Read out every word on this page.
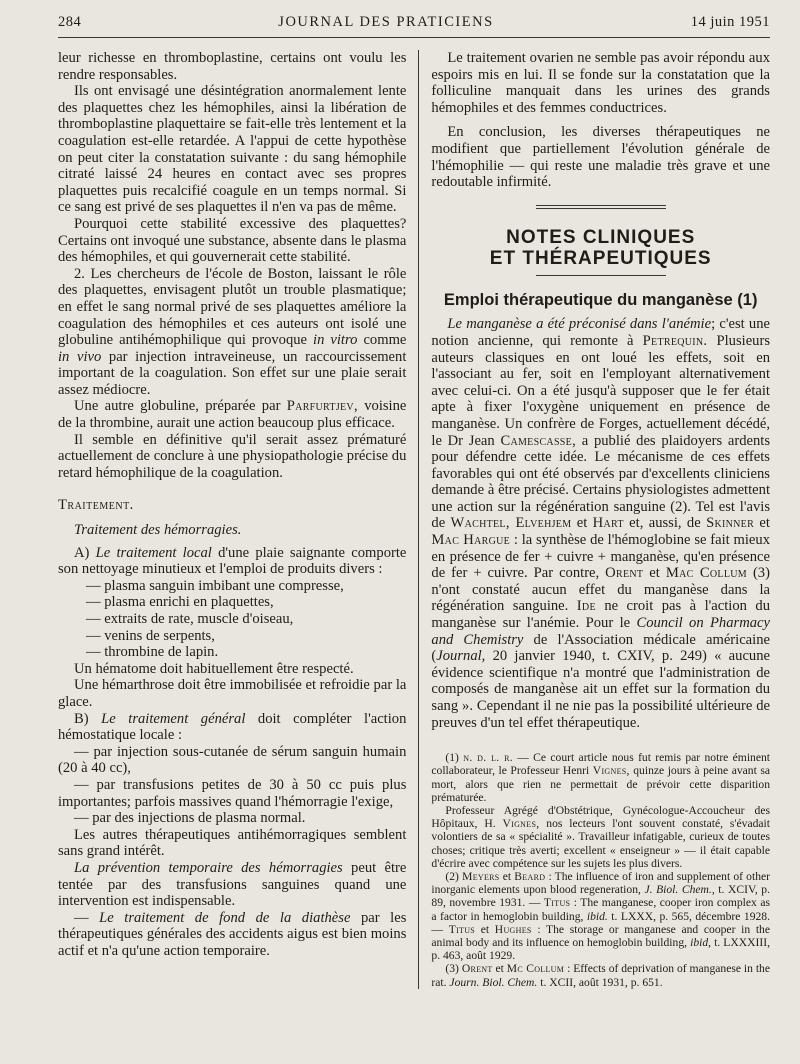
284	JOURNAL DES PRATICIENS	14 juin 1951

leur richesse en thromboplastine, certains ont voulu les rendre responsables.

Ils ont envisagé une désintégration anormalement lente des plaquettes chez les hémophiles, ainsi la libération de thromboplastine plaquettaire se fait-elle très lentement et la coagulation est-elle retardée. A l'appui de cette hypothèse on peut citer la constatation suivante : du sang hémophile citraté laissé 24 heures en contact avec ses propres plaquettes puis recalcifié coagule en un temps normal. Si ce sang est privé de ses plaquettes il n'en va pas de même.

Pourquoi cette stabilité excessive des plaquettes? Certains ont invoqué une substance, absente dans le plasma des hémophiles, et qui gouvernerait cette stabilité.

2. Les chercheurs de l'école de Boston, laissant le rôle des plaquettes, envisagent plutôt un trouble plasmatique; en effet le sang normal privé de ses plaquettes améliore la coagulation des hémophiles et ces auteurs ont isolé une globuline antihémophilique qui provoque in vitro comme in vivo par injection intraveineuse, un raccourcissement important de la coagulation. Son effet sur une plaie serait assez médiocre.

Une autre globuline, préparée par Parfurtjev, voisine de la thrombine, aurait une action beaucoup plus efficace.

Il semble en définitive qu'il serait assez prématuré actuellement de conclure à une physiopathologie précise du retard hémophilique de la coagulation.

Traitement.

Traitement des hémorragies.

A) Le traitement local d'une plaie saignante comporte son nettoyage minutieux et l'emploi de produits divers :

— plasma sanguin imbibant une compresse,
— plasma enrichi en plaquettes,
— extraits de rate, muscle d'oiseau,
— venins de serpents,
— thrombine de lapin.

Un hématome doit habituellement être respecté.

Une hémarthrose doit être immobilisée et refroidie par la glace.

B) Le traitement général doit compléter l'action hémostatique locale :

— par injection sous-cutanée de sérum sanguin humain (20 à 40 cc),

— par transfusions petites de 30 à 50 cc puis plus importantes; parfois massives quand l'hémorragie l'exige,

— par des injections de plasma normal.

Les autres thérapeutiques antihémorragiques semblent sans grand intérêt.

La prévention temporaire des hémorragies peut être tentée par des transfusions sanguines quand une intervention est indispensable.

— Le traitement de fond de la diathèse par les thérapeutiques générales des accidents aigus est bien moins actif et n'a qu'une action temporaire.

Le traitement ovarien ne semble pas avoir répondu aux espoirs mis en lui. Il se fonde sur la constatation que la folliculine manquait dans les urines des grands hémophiles et des femmes conductrices.

En conclusion, les diverses thérapeutiques ne modifient que partiellement l'évolution générale de l'hémophilie — qui reste une maladie très grave et une redoutable infirmité.

NOTES CLINIQUES
ET THÉRAPEUTIQUES
Emploi thérapeutique du manganèse (1)

Le manganèse a été préconisé dans l'anémie; c'est une notion ancienne, qui remonte à Petrequin. Plusieurs auteurs classiques en ont loué les effets, soit en l'associant au fer, soit en l'employant alternativement avec celui-ci. On a été jusqu'à supposer que le fer était apte à fixer l'oxygène uniquement en présence de manganèse. Un confrère de Forges, actuellement décédé, le Dr Jean Camescasse, a publié des plaidoyers ardents pour défendre cette idée. Le mécanisme de ces effets favorables qui ont été observés par d'excellents cliniciens demande à être précisé. Certains physiologistes admettent une action sur la régénération sanguine (2). Tel est l'avis de Wachtel, Elvehjem et Hart et, aussi, de Skinner et Mac Hargue : la synthèse de l'hémoglobine se fait mieux en présence de fer + cuivre + manganèse, qu'en présence de fer + cuivre. Par contre, Orent et Mac Collum (3) n'ont constaté aucun effet du manganèse dans la régénération sanguine. Ide ne croit pas à l'action du manganèse sur l'anémie. Pour le Council on Pharmacy and Chemistry de l'Association médicale américaine (Journal, 20 janvier 1940, t. CXIV, p. 249) « aucune évidence scientifique n'a montré que l'administration de composés de manganèse ait un effet sur la formation du sang ». Cependant il ne nie pas la possibilité ultérieure de preuves d'un tel effet thérapeutique.

(1) n. d. l. r. — Ce court article nous fut remis par notre éminent collaborateur, le Professeur Henri Vignes, quinze jours à peine avant sa mort, alors que rien ne permettait de prévoir cette disparition prématurée.

Professeur Agrégé d'Obstétrique, Gynécologue-Accoucheur des Hôpitaux, H. Vignes, nos lecteurs l'ont souvent constaté, s'évadait volontiers de sa « spécialité ». Travailleur infatigable, curieux de toutes choses; critique très averti; excellent « enseigneur » — il était capable d'écrire avec compétence sur les sujets les plus divers.

(2) Meyers et Beard : The influence of iron and supplement of other inorganic elements upon blood regeneration, J. Biol. Chem., t. XCIV, p. 89, novembre 1931. — Titus : The manganese, cooper iron complex as a factor in hemoglobin building, ibid. t. LXXX, p. 565, décembre 1928. — Titus et Hughes : The storage or manganese and cooper in the animal body and its influence on hemoglobin building, ibid, t. LXXXIII, p. 463, août 1929.

(3) Orent et Mc Collum : Effects of deprivation of manganese in the rat. Journ. Biol. Chem. t. XCII, août 1931, p. 651.
